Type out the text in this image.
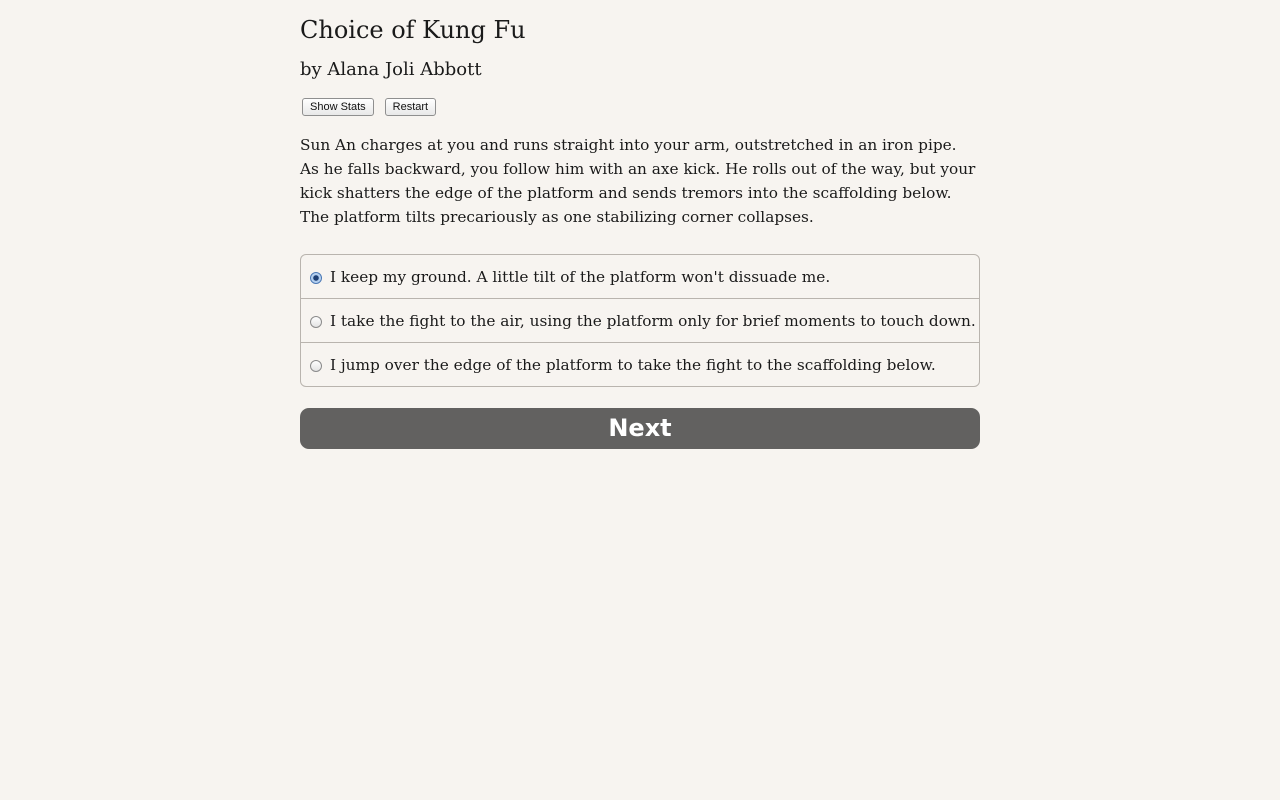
Choice of Kung Fu
by Alana Joli Abbott
Show Stats	Restart

Sun An charges at you and runs straight into your arm, outstretched in an iron pipe. As he falls backward, you follow him with an axe kick. He rolls out of the way, but your kick shatters the edge of the platform and sends tremors into the scaffolding below. The platform tilts precariously as one stabilizing corner collapses.

I keep my ground. A little tilt of the platform won't dissuade me.
I take the fight to the air, using the platform only for brief moments to touch down.
I jump over the edge of the platform to take the fight to the scaffolding below.
Next
